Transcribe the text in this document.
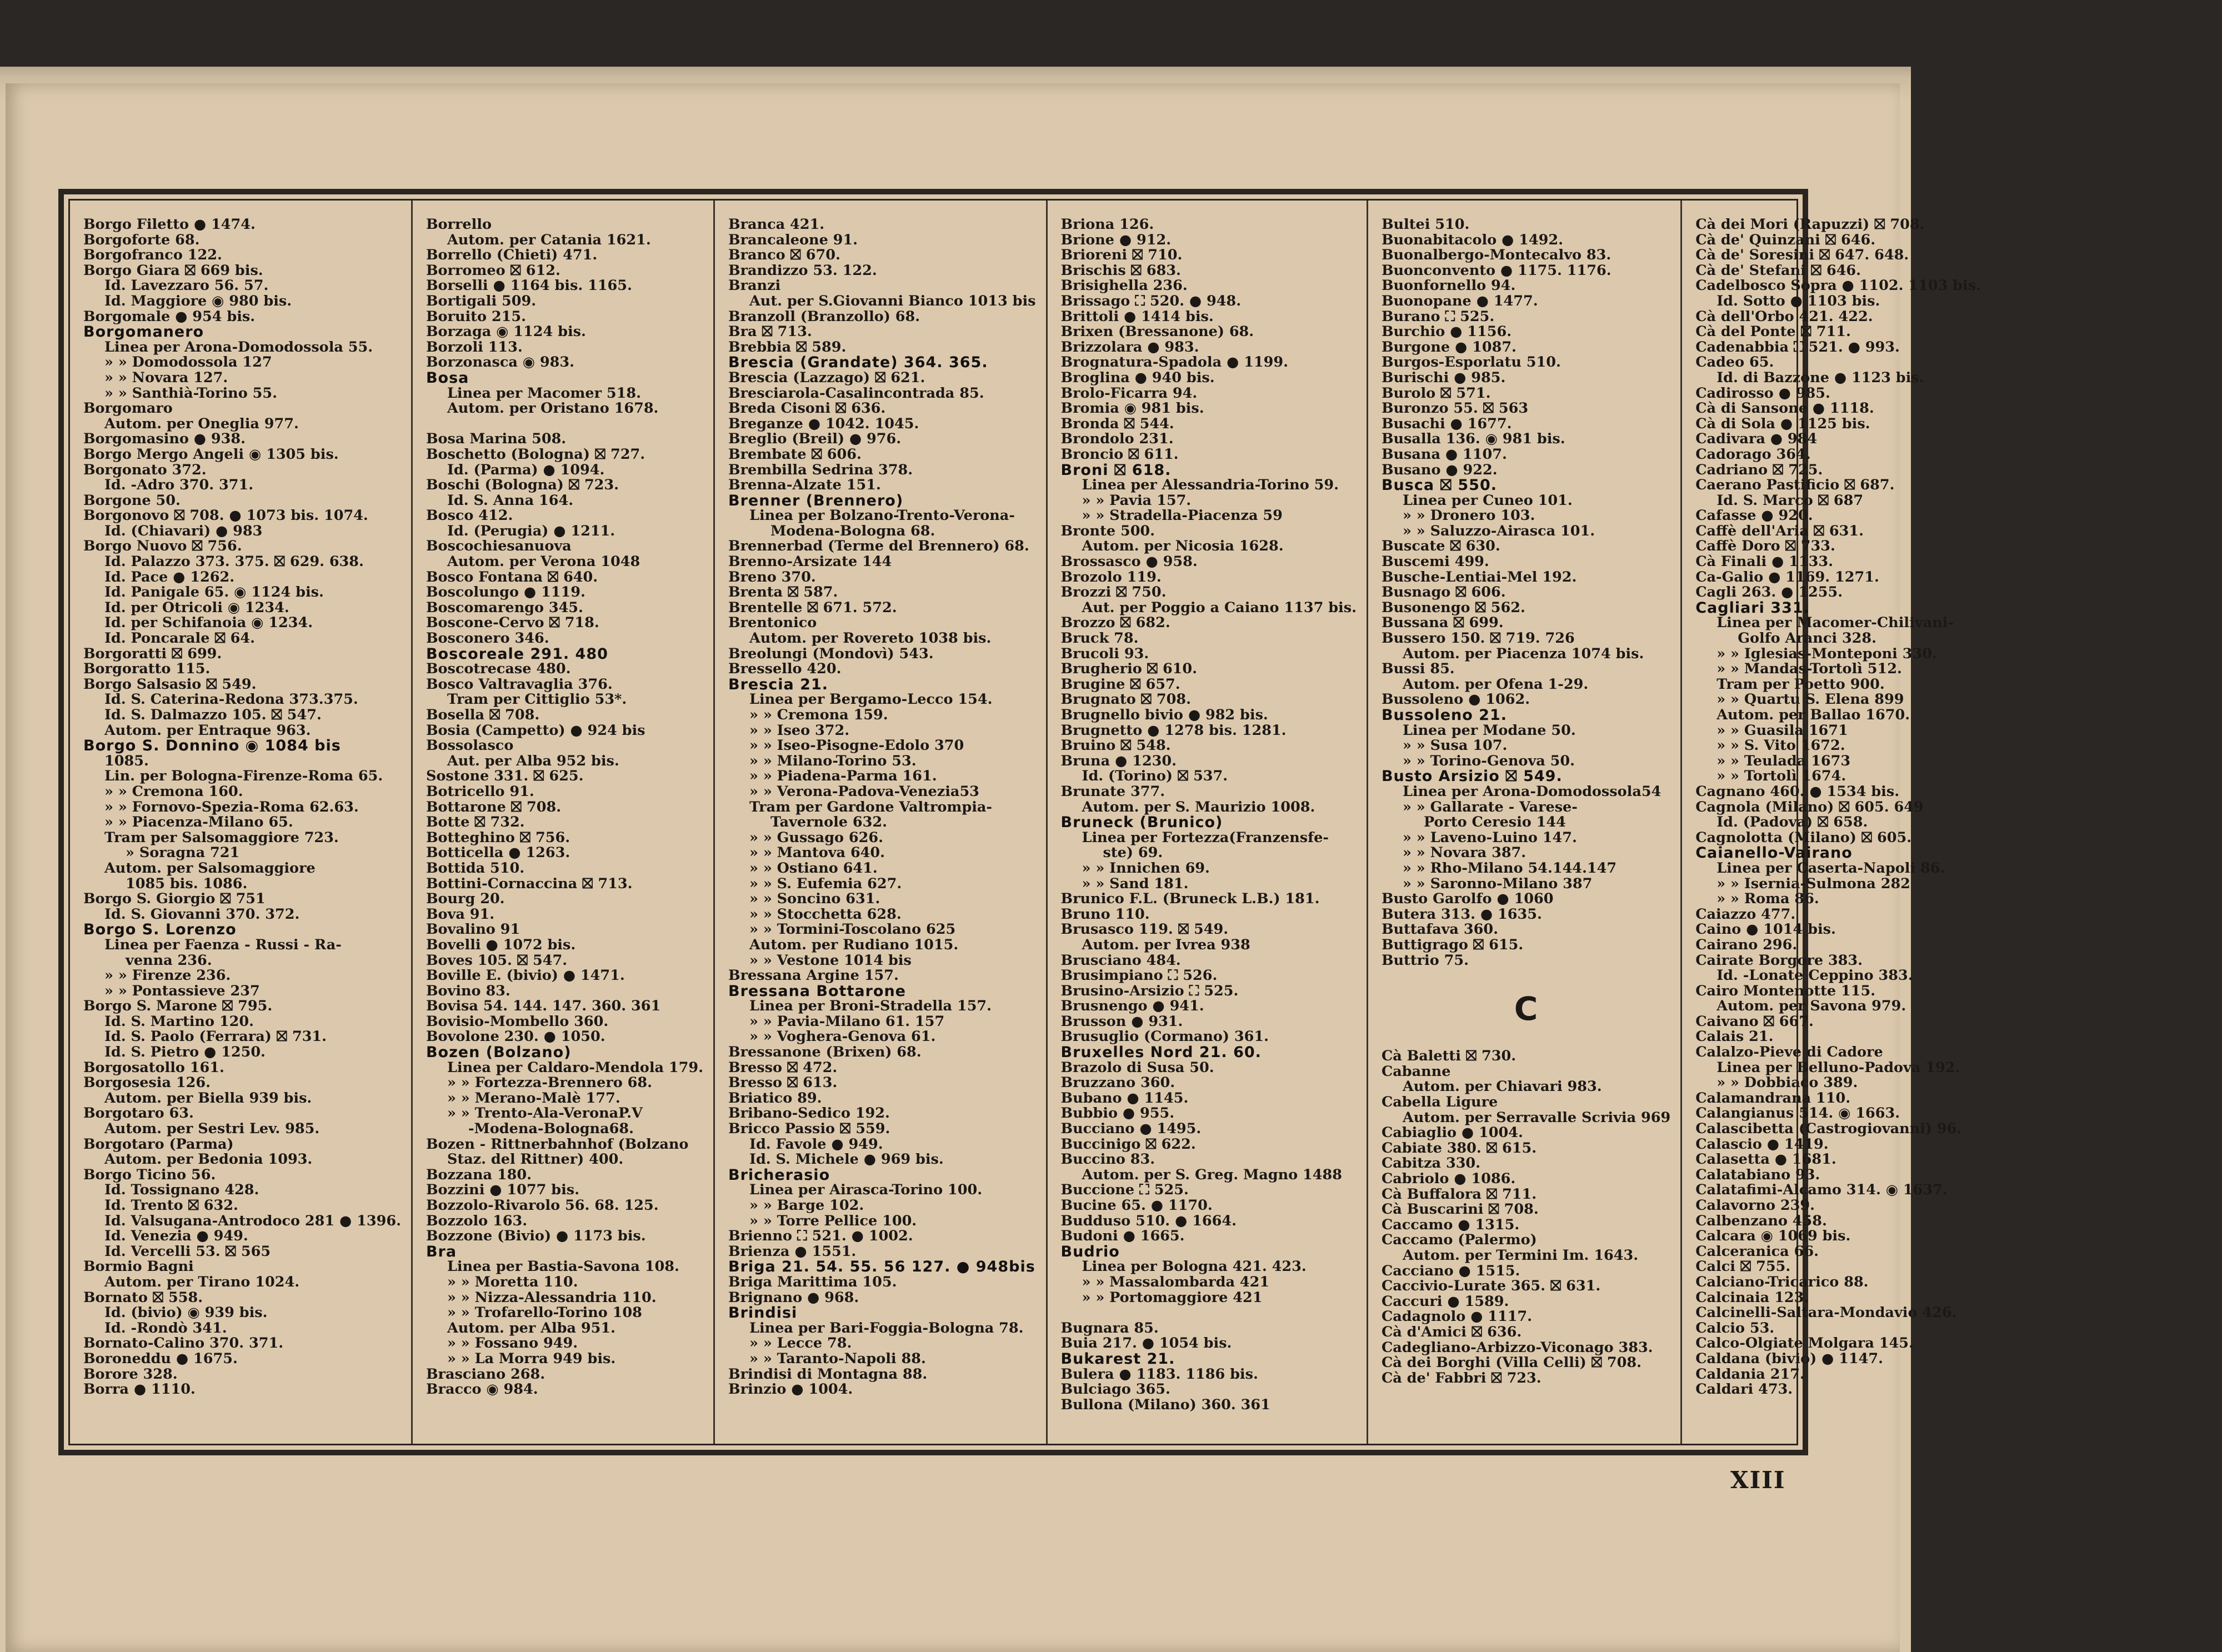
Borgo Filetto ● 1474.
Borgoforte 68.
Borgofranco 122.
Borgo Giara ⛝ 669 bis.
Id. Lavezzaro 56. 57.
Id. Maggiore ◉ 980 bis.
Borgomale ● 954 bis.
Borgomanero
Linea per Arona-Domodossola 55.
» » Domodossola 127
» » Novara 127.
» » Santhià-Torino 55.
Borgomaro
Autom. per Oneglia 977.
Borgomasino ● 938.
Borgo Mergo Angeli ◉ 1305 bis.
Borgonato 372.
Id. -Adro 370. 371.
Borgone 50.
Borgonovo ⛝ 708. ● 1073 bis. 1074.
Id. (Chiavari) ● 983
Borgo Nuovo ⛝ 756.
Id. Palazzo 373. 375. ⛝ 629. 638.
Id. Pace ● 1262.
Id. Panigale 65. ◉ 1124 bis.
Id. per Otricoli ◉ 1234.
Id. per Schifanoia ◉ 1234.
Id. Poncarale ⛝ 64.
Borgoratti ⛝ 699.
Borgoratto 115.
Borgo Salsasio ⛝ 549.
Id. S. Caterina-Redona 373.375.
Id. S. Dalmazzo 105. ⛝ 547.
Autom. per Entraque 963.
Borgo S. Donnino ◉ 1084 bis
1085.
Lin. per Bologna-Firenze-Roma 65.
» » Cremona 160.
» » Fornovo-Spezia-Roma 62.63.
» » Piacenza-Milano 65.
Tram per Salsomaggiore 723.
» Soragna 721
Autom. per Salsomaggiore
1085 bis. 1086.
Borgo S. Giorgio ⛝ 751
Id. S. Giovanni 370. 372.
Borgo S. Lorenzo
Linea per Faenza - Russi - Ra-
venna 236.
» » Firenze 236.
» » Pontassieve 237
Borgo S. Marone ⛝ 795.
Id. S. Martino 120.
Id. S. Paolo (Ferrara) ⛝ 731.
Id. S. Pietro ● 1250.
Borgosatollo 161.
Borgosesia 126.
Autom. per Biella 939 bis.
Borgotaro 63.
Autom. per Sestri Lev. 985.
Borgotaro (Parma)
Autom. per Bedonia 1093.
Borgo Ticino 56.
Id. Tossignano 428.
Id. Trento ⛝ 632.
Id. Valsugana-Antrodoco 281 ● 1396.
Id. Venezia ● 949.
Id. Vercelli 53. ⛝ 565
Bormio Bagni
Autom. per Tirano 1024.
Bornato ⛝ 558.
Id. (bivio) ◉ 939 bis.
Id. -Rondò 341.
Bornato-Calino 370. 371.
Boroneddu ● 1675.
Borore 328.
Borra ● 1110.
Borrello
Autom. per Catania 1621.
Borrello (Chieti) 471.
Borromeo ⛝ 612.
Borselli ● 1164 bis. 1165.
Bortigali 509.
Boruito 215.
Borzaga ◉ 1124 bis.
Borzoli 113.
Borzonasca ◉ 983.
Bosa
Linea per Macomer 518.
Autom. per Oristano 1678.
Bosa Marina 508.
Boschetto (Bologna) ⛝ 727.
Id. (Parma) ● 1094.
Boschi (Bologna) ⛝ 723.
Id. S. Anna 164.
Bosco 412.
Id. (Perugia) ● 1211.
Boscochiesanuova
Autom. per Verona 1048
Bosco Fontana ⛝ 640.
Boscolungo ● 1119.
Boscomarengo 345.
Boscone-Cervo ⛝ 718.
Bosconero 346.
Boscoreale 291. 480
Boscotrecase 480.
Bosco Valtravaglia 376.
Tram per Cittiglio 53*.
Bosella ⛝ 708.
Bosia (Campetto) ● 924 bis
Bossolasco
Aut. per Alba 952 bis.
Sostone 331. ⛝ 625.
Botricello 91.
Bottarone ⛝ 708.
Botte ⛝ 732.
Botteghino ⛝ 756.
Botticella ● 1263.
Bottida 510.
Bottini-Cornaccina ⛝ 713.
Bourg 20.
Bova 91.
Bovalino 91
Bovelli ● 1072 bis.
Boves 105. ⛝ 547.
Boville E. (bivio) ● 1471.
Bovino 83.
Bovisa 54. 144. 147. 360. 361
Bovisio-Mombello 360.
Bovolone 230. ● 1050.
Bozen (Bolzano)
Linea per Caldaro-Mendola 179.
» » Fortezza-Brennero 68.
» » Merano-Malè 177.
» » Trento-Ala-VeronaP.V
-Modena-Bologna68.
Bozen - Rittnerbahnhof (Bolzano
Staz. del Rittner) 400.
Bozzana 180.
Bozzini ● 1077 bis.
Bozzolo-Rivarolo 56. 68. 125.
Bozzolo 163.
Bozzone (Bivio) ● 1173 bis.
Bra
Linea per Bastia-Savona 108.
» » Moretta 110.
» » Nizza-Alessandria 110.
» » Trofarello-Torino 108
Autom. per Alba 951.
» » Fossano 949.
» » La Morra 949 bis.
Brasciano 268.
Bracco ◉ 984.
Branca 421.
Brancaleone 91.
Branco ⛝ 670.
Brandizzo 53. 122.
Branzi
Aut. per S.Giovanni Bianco 1013 bis
Branzoll (Branzollo) 68.
Bra ⛝ 713.
Brebbia ⛝ 589.
Brescia (Grandate) 364. 365.
Brescia (Lazzago) ⛝ 621.
Bresciarola-Casalincontrada 85.
Breda Cisoni ⛝ 636.
Breganze ● 1042. 1045.
Breglio (Breil) ● 976.
Brembate ⛝ 606.
Brembilla Sedrina 378.
Brenna-Alzate 151.
Brenner (Brennero)
Linea per Bolzano-Trento-Verona-
Modena-Bologna 68.
Brennerbad (Terme del Brennero) 68.
Brenno-Arsizate 144
Breno 370.
Brenta ⛝ 587.
Brentelle ⛝ 671. 572.
Brentonico
Autom. per Rovereto 1038 bis.
Breolungi (Mondovì) 543.
Bressello 420.
Brescia 21.
Linea per Bergamo-Lecco 154.
» » Cremona 159.
» » Iseo 372.
» » Iseo-Pisogne-Edolo 370
» » Milano-Torino 53.
» » Piadena-Parma 161.
» » Verona-Padova-Venezia53
Tram per Gardone Valtrompia-
Tavernole 632.
» » Gussago 626.
» » Mantova 640.
» » Ostiano 641.
» » S. Eufemia 627.
» » Soncino 631.
» » Stocchetta 628.
» » Tormini-Toscolano 625
Autom. per Rudiano 1015.
» » Vestone 1014 bis
Bressana Argine 157.
Bressana Bottarone
Linea per Broni-Stradella 157.
» » Pavia-Milano 61. 157
» » Voghera-Genova 61.
Bressanone (Brixen) 68.
Bresso ⛝ 472.
Bresso ⛝ 613.
Briatico 89.
Bribano-Sedico 192.
Bricco Passio ⛝ 559.
Id. Favole ● 949.
Id. S. Michele ● 969 bis.
Bricherasio
Linea per Airasca-Torino 100.
» » Barge 102.
» » Torre Pellice 100.
Brienno ⛶ 521. ● 1002.
Brienza ● 1551.
Briga 21. 54. 55. 56 127. ● 948bis
Briga Marittima 105.
Brignano ● 968.
Brindisi
Linea per Bari-Foggia-Bologna 78.
» » Lecce 78.
» » Taranto-Napoli 88.
Brindisi di Montagna 88.
Brinzio ● 1004.
Briona 126.
Brione ● 912.
Brioreni ⛝ 710.
Brischis ⛝ 683.
Brisighella 236.
Brissago ⛶ 520. ● 948.
Brittoli ● 1414 bis.
Brixen (Bressanone) 68.
Brizzolara ● 983.
Brognatura-Spadola ● 1199.
Broglina ● 940 bis.
Brolo-Ficarra 94.
Bromia ◉ 981 bis.
Bronda ⛝ 544.
Brondolo 231.
Broncio ⛝ 611.
Broni ⛝ 618.
Linea per Alessandria-Torino 59.
» » Pavia 157.
» » Stradella-Piacenza 59
Bronte 500.
Autom. per Nicosia 1628.
Brossasco ● 958.
Brozolo 119.
Brozzi ⛝ 750.
Aut. per Poggio a Caiano 1137 bis.
Brozzo ⛝ 682.
Bruck 78.
Brucoli 93.
Brugherio ⛝ 610.
Brugine ⛝ 657.
Brugnato ⛝ 708.
Brugnello bivio ● 982 bis.
Brugnetto ● 1278 bis. 1281.
Bruino ⛝ 548.
Bruna ● 1230.
Id. (Torino) ⛝ 537.
Brunate 377.
Autom. per S. Maurizio 1008.
Bruneck (Brunico)
Linea per Fortezza(Franzensfe-
ste) 69.
» » Innichen 69.
» » Sand 181.
Brunico F.L. (Bruneck L.B.) 181.
Bruno 110.
Brusasco 119. ⛝ 549.
Autom. per Ivrea 938
Brusciano 484.
Brusimpiano ⛶ 526.
Brusino-Arsizio ⛶ 525.
Brusnengo ● 941.
Brusson ● 931.
Brusuglio (Cormano) 361.
Bruxelles Nord 21. 60.
Brazolo di Susa 50.
Bruzzano 360.
Bubano ● 1145.
Bubbio ● 955.
Bucciano ● 1495.
Buccinigo ⛝ 622.
Buccino 83.
Autom. per S. Greg. Magno 1488
Buccione ⛶ 525.
Bucine 65. ● 1170.
Budduso 510. ● 1664.
Budoni ● 1665.
Budrio
Linea per Bologna 421. 423.
» » Massalombarda 421
» » Portomaggiore 421
Bugnara 85.
Buia 217. ● 1054 bis.
Bukarest 21.
Bulera ● 1183. 1186 bis.
Bulciago 365.
Bullona (Milano) 360. 361
Bultei 510.
Buonabitacolo ● 1492.
Buonalbergo-Montecalvo 83.
Buonconvento ● 1175. 1176.
Buonfornello 94.
Buonopane ● 1477.
Burano ⛶ 525.
Burchio ● 1156.
Burgone ● 1087.
Burgos-Esporlatu 510.
Burischi ● 985.
Burolo ⛝ 571.
Buronzo 55. ⛝ 563
Busachi ● 1677.
Busalla 136. ◉ 981 bis.
Busana ● 1107.
Busano ● 922.
Busca ⛝ 550.
Linea per Cuneo 101.
» » Dronero 103.
» » Saluzzo-Airasca 101.
Buscate ⛝ 630.
Buscemi 499.
Busche-Lentiai-Mel 192.
Busnago ⛝ 606.
Busonengo ⛝ 562.
Bussana ⛝ 699.
Bussero 150. ⛝ 719. 726
Autom. per Piacenza 1074 bis.
Bussi 85.
Autom. per Ofena 1-29.
Bussoleno ● 1062.
Bussoleno 21.
Linea per Modane 50.
» » Susa 107.
» » Torino-Genova 50.
Busto Arsizio ⛝ 549.
Linea per Arona-Domodossola54
» » Gallarate - Varese-
Porto Ceresio 144
» » Laveno-Luino 147.
» » Novara 387.
» » Rho-Milano 54.144.147
» » Saronno-Milano 387
Busto Garolfo ● 1060
Butera 313. ● 1635.
Buttafava 360.
Buttigrago ⛝ 615.
Buttrio 75.
C
Cà Baletti ⛝ 730.
Cabanne
Autom. per Chiavari 983.
Cabella Ligure
Autom. per Serravalle Scrivia 969
Cabiaglio ● 1004.
Cabiate 380. ⛝ 615.
Cabitza 330.
Cabriolo ● 1086.
Cà Buffalora ⛝ 711.
Cà Buscarini ⛝ 708.
Caccamo ● 1315.
Caccamo (Palermo)
Autom. per Termini Im. 1643.
Cacciano ● 1515.
Caccivio-Lurate 365. ⛝ 631.
Caccuri ● 1589.
Cadagnolo ● 1117.
Cà d'Amici ⛝ 636.
Cadegliano-Arbizzo-Viconago 383.
Cà dei Borghi (Villa Celli) ⛝ 708.
Cà de' Fabbri ⛝ 723.
Cà dei Mori (Rapuzzi) ⛝ 708.
Cà de' Quinzani ⛝ 646.
Cà de' Soresini ⛝ 647. 648.
Cà de' Stefani ⛝ 646.
Cadelbosco Sopra ● 1102. 1103 bis.
Id. Sotto ● 1103 bis.
Cà dell'Orbo 421. 422.
Cà del Ponte ⛝ 711.
Cadenabbia ⛶ 521. ● 993.
Cadeo 65.
Id. di Bazzone ● 1123 bis.
Cadirosso ● 985.
Cà di Sansone ● 1118.
Cà di Sola ● 1125 bis.
Cadivara ● 984
Cadorago 364.
Cadriano ⛝ 725.
Caerano Pastificio ⛝ 687.
Id. S. Marco ⛝ 687
Cafasse ● 920.
Caffè dell'Aria ⛝ 631.
Caffè Doro ⛝ 733.
Cà Finali ● 1133.
Ca-Galio ● 1169. 1271.
Cagli 263. ● 1255.
Cagliari 331.
Linea per Macomer-Chilivani-
Golfo Aranci 328.
» » Iglesias-Monteponi 330.
» » Mandas-Tortolì 512.
Tram per Poetto 900.
» » Quartu S. Elena 899
Autom. per Ballao 1670.
» » Guasila 1671
» » S. Vito 1672.
» » Teulada 1673
» » Tortolì 1674.
Cagnano 460. ● 1534 bis.
Cagnola (Milano) ⛝ 605. 649
Id. (Padova) ⛝ 658.
Cagnolotta (Milano) ⛝ 605.
Caianello-Vairano
Linea per Caserta-Napoli 86.
» » Isernia-Sulmona 282
» » Roma 86.
Caiazzo 477.
Caino ● 1014 bis.
Cairano 296.
Cairate Borgore 383.
Id. -Lonate Ceppino 383.
Cairo Montenotte 115.
Autom. per Savona 979.
Caivano ⛝ 667.
Calais 21.
Calalzo-Pieve di Cadore
Linea per Belluno-Padova 192.
» » Dobbiaco 389.
Calamandrana 110.
Calangianus 514. ◉ 1663.
Calascibetta (Castrogiovanni) 96.
Calascio ● 1419.
Calasetta ● 1681.
Calatabiano 93.
Calatafimi-Alcamo 314. ◉ 1637.
Calavorno 239.
Calbenzano 458.
Calcara ◉ 1069 bis.
Calceranica 66.
Calci ⛝ 755.
Calciano-Tricarico 88.
Calcinaia 123.
Calcinelli-Saltara-Mondavio 426.
Calcio 53.
Calco-Olgiate Molgara 145.
Caldana (bivio) ● 1147.
Caldania 217.
Caldari 473.
XIII
